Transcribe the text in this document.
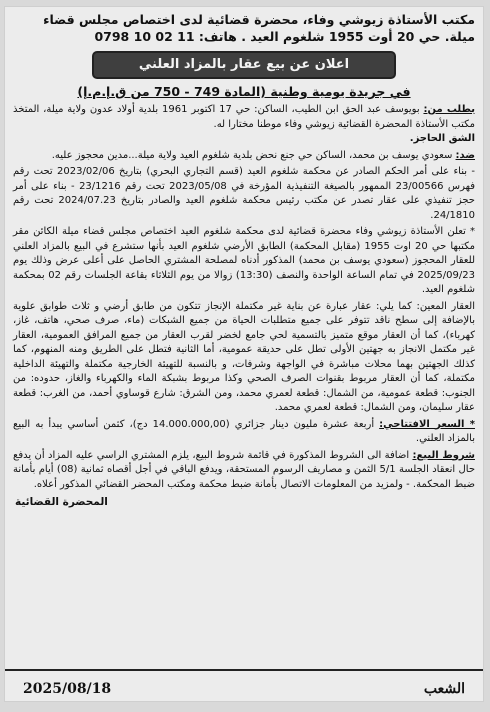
مكتب الأستاذة زيوشي وفاء، محضرة قضائية لدى اختصاص مجلس قضاء
ميلة. حي 20 أوت 1955 شلغوم العيد . هاتف: 11 02 10 0798
اعلان عن بيع عقار بالمزاد العلني
في جريدة يومية وطنية (المادة 749 - 750 من ق.إ.م.إ)

بطلب من: بويوسف عبد الحق ابن الطيب، الساكن: حي 17 اكتوبر 1961 بلدية أولاد عدون ولاية ميلة، المتخذ مكتب الأستاذة المحضرة القضائية زيوشي وفاء موطنا مختارا له.
الشق الحاجز.

ضد: سعودي يوسف بن محمد، الساكن حي جنع نحض بلدية شلغوم العيد ولاية ميلة...مدين محجوز عليه.

- بناء على أمر الحكم الصادر عن محكمة شلغوم العيد (قسم التجاري البحري) بتاريخ 2023/02/06 تحت رقم فهرس 23/00566 الممهور بالصيغة التنفيذية المؤرخة في 2023/05/08 تحت رقم 23/1216 - بناء على أمر حجز تنفيذي على عقار تصدر عن مكتب رئيس محكمة شلغوم العيد والصادر بتاريخ 2024/07.23 تحت رقم 24/1810.

* تعلن الأستاذة زيوشي وفاء محضرة قضائية لدى محكمة شلغوم العيد اختصاص مجلس قضاء ميلة الكائن مقر مكتبها حي 20 اوت 1955 (مقابل المحكمة) الطابق الأرضي شلغوم العيد بأنها ستشرع في البيع بالمزاد العلني للعقار المحجوز (سعودي يوسف بن محمد) المذكور أدناه لمصلحة المشتري الحاصل على أعلى عرض وذلك يوم 2025/09/23 في تمام الساعة الواحدة والنصف (13:30) زوالا من يوم الثلاثاء بقاعة الجلسات رقم 02 بمحكمة شلغوم العيد.

العقار المعين: كما يلي: عقار عبارة عن بناية غير مكتملة الإنجاز تتكون من طابق أرضي و ثلاث طوابق علوية بالإضافة إلى سطح ناقد تتوفر على جميع متطلبات الحياة من جميع الشبكات (ماء، صرف صحي، هاتف، غاز، كهرباء)، كما أن العقار موقع متميز بالتسمية لحي جامع لخضر لقرب العقار من جميع المرافق العمومية، العقار غير مكتمل الانجاز به جهتين الأولى تطل على حديقة عمومية، أما الثانية فتطل على الطريق ومنه المنهوم، كما كذلك الجهتين بهما محلات مباشرة في الواجهة وشرفات، و بالنسبة للتهيئة الخارجية مكتملة والتهيئة الداخلية مكتملة، كما أن العقار مربوط بقنوات الصرف الصحي وكذا مربوط بشبكة الماء والكهرباء والغاز، حدوده: من الجنوب: قطعة عمومية، من الشمال: قطعة لعمري محمد، ومن الشرق: شارع قوساوي أحمد، من الغرب: قطعة عقار سليمان، ومن الشمال: قطعة لعمري محمد.

* السعر الافتتاحي: أربعة عشرة مليون دينار جزائري (14.000.000,00 دج)، كثمن أساسي يبدأ به البيع بالمزاد العلني.

شروط البيع: اضافة الى الشروط المذكورة في قائمة شروط البيع، يلزم المشتري الراسي عليه المزاد أن يدفع حال انعقاد الجلسة 5/1 الثمن و مصاريف الرسوم المستحقة، ويدفع الباقي في أجل أقصاه ثمانية (08) أيام بأمانة ضبط المحكمة. - ولمزيد من المعلومات الاتصال بأمانة ضبط محكمة ومكتب المحضر القضائي المذكور أعلاه.

المحضرة القضائية
الشعب
2025/08/18
